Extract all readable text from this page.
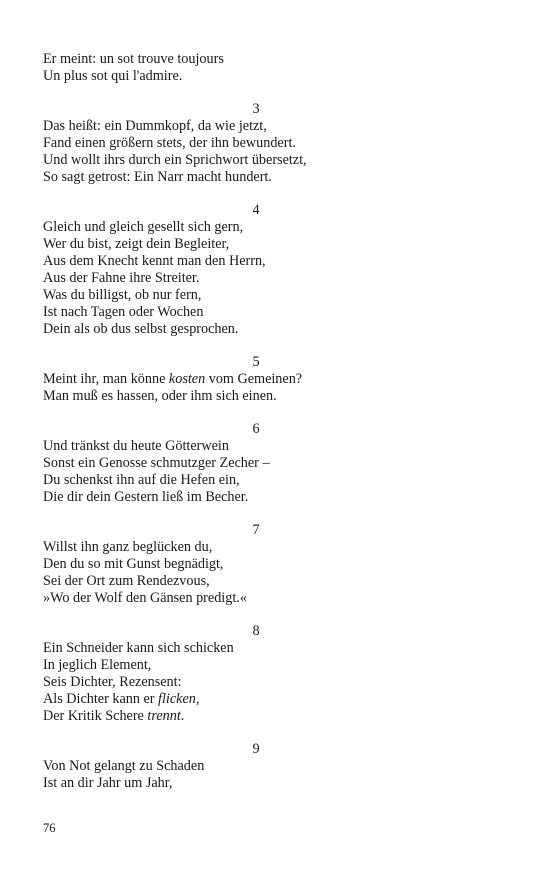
Er meint: un sot trouve toujours
Un plus sot qui l'admire.
3
Das heißt: ein Dummkopf, da wie jetzt,
Fand einen größern stets, der ihn bewundert.
Und wollt ihrs durch ein Sprichwort übersetzt,
So sagt getrost: Ein Narr macht hundert.
4
Gleich und gleich gesellt sich gern,
Wer du bist, zeigt dein Begleiter,
Aus dem Knecht kennt man den Herrn,
Aus der Fahne ihre Streiter.
Was du billigst, ob nur fern,
Ist nach Tagen oder Wochen
Dein als ob dus selbst gesprochen.
5
Meint ihr, man könne kosten vom Gemeinen?
Man muß es hassen, oder ihm sich einen.
6
Und tränkst du heute Götterwein
Sonst ein Genosse schmutzger Zecher –
Du schenkst ihn auf die Hefen ein,
Die dir dein Gestern ließ im Becher.
7
Willst ihn ganz beglücken du,
Den du so mit Gunst begnädigt,
Sei der Ort zum Rendezvous,
»Wo der Wolf den Gänsen predigt.«
8
Ein Schneider kann sich schicken
In jeglich Element,
Seis Dichter, Rezensent:
Als Dichter kann er flicken,
Der Kritik Schere trennt.
9
Von Not gelangt zu Schaden
Ist an dir Jahr um Jahr,
76
